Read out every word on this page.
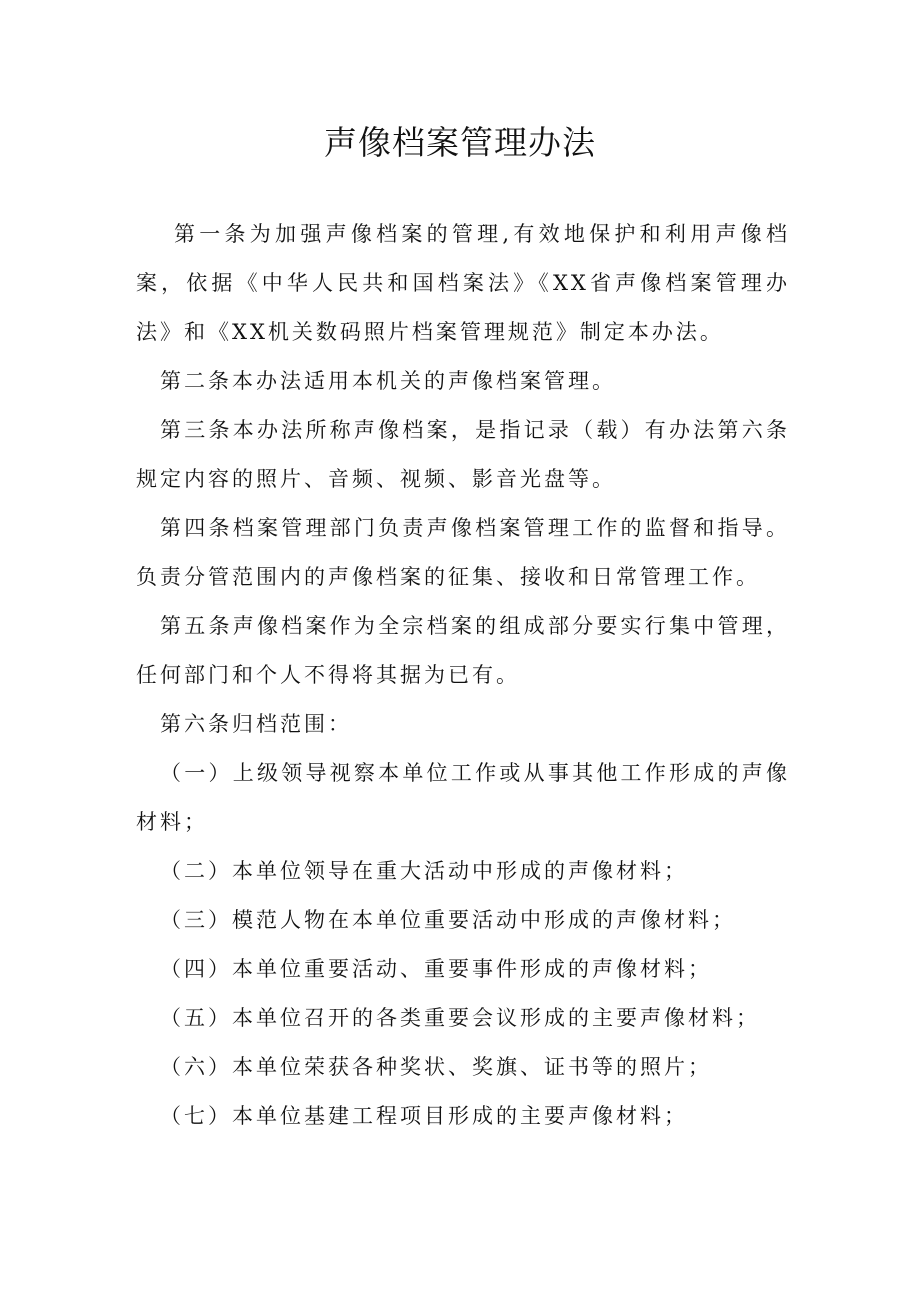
声像档案管理办法

第一条为加强声像档案的管理,有效地保护和利用声像档案，依据《中华人民共和国档案法》《XX省声像档案管理办法》和《XX机关数码照片档案管理规范》制定本办法。

第二条本办法适用本机关的声像档案管理。

第三条本办法所称声像档案，是指记录（载）有办法第六条规定内容的照片、音频、视频、影音光盘等。

第四条档案管理部门负责声像档案管理工作的监督和指导。负责分管范围内的声像档案的征集、接收和日常管理工作。

第五条声像档案作为全宗档案的组成部分要实行集中管理，任何部门和个人不得将其据为已有。

第六条归档范围：

（一）上级领导视察本单位工作或从事其他工作形成的声像材料；

（二）本单位领导在重大活动中形成的声像材料；

（三）模范人物在本单位重要活动中形成的声像材料；

（四）本单位重要活动、重要事件形成的声像材料；

（五）本单位召开的各类重要会议形成的主要声像材料；

（六）本单位荣获各种奖状、奖旗、证书等的照片；

（七）本单位基建工程项目形成的主要声像材料；
